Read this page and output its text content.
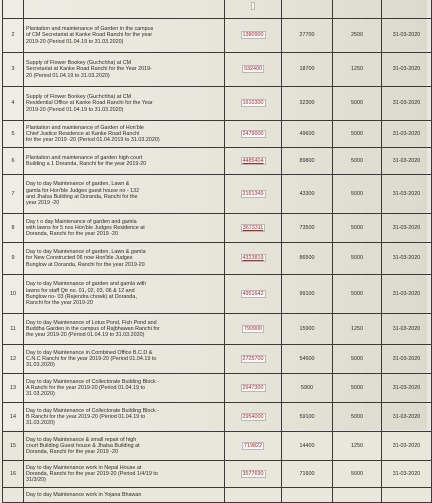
2	Plantation and maintenance of Garden in the campus
of CM Secretariat at Kanke Road Ranchi for the year
2019-20 (Period 01.04.19 to 31.03.2020)	1380900	27700	2500	31-03-2020
3	Supply of Flower Bookey (Guchchha) at CM
Secretariat at Kanke Road Ranchi for the Year 2019-
20 (Period 01.04.19 to 31.03.2020)	932400	18700	1250	31-03-2020
4	Supply of Flower Bookey (Guchchha) at CM
Residential Office at Kanke Road Ranchi for the Year
2019-20 (Period 01.04.19 to 31.03.2020)	1610300	32300	5000	31-03-2020
5	Plantation and maintenance of Garden of Hon'ble
Chief Justice Residence at Kanke Road Ranchi
for the year 2019 -20 (Period 01.04.2019 to 31.03.2020)	2479000	49600	5000	31-03-2020
6	Plantation and maintenance of garden high court
Building a 1 Doranda, Ranchi for the year 2019-20	4485404	89800	5000	31-03-2020
7	Day to day Maintenance of garden, Lawn &
gamla for Hon'ble Judges guest house no - 132
and Jhalsa Building at Doranda, Ranchi for the
year 2019 -20	2161349	43300	5000	31-03-2020
8	Day t o day Maintenance of garden and gamla
with lawns for 5 nos Hon'ble Judges Residence at
Doranda, Ranchi for the year 2019 -20	3673311	73500	5000	31-03-2020
9	Day to day Maintenance of garden, Lawn & gamla
for New Constructed 06 now Hon'ble Judges
Bunglow at Doranda, Ranchi for the year 2019-20	4323819	86500	5000	31-03-2020
10	Day to day Maintenance of garden and gamla with
lawns for staff Qtr no. 01, 02, 03, 06 & 12 and
Bunglow no- 03 (Rajendra chowk) at Doranda,
Ranchi for the year 2019-20	4951642	99100	5000	31-03-2020
11	Day to day Maintenance of Lotus Pond, Fish Pond and
Buddha Garden in the campus of Rajbhawan Ranchi for
the year 2019-20 (Period 01.04.19 to 31.03.2020)	790900	15900	1250	31-03-2020
12	Day to day Maintenance in Combined Office B.C.D &
C.N.C Ranchi for the year 2019-20 (Period 01.04.19 to
31.03.2020)	2725700	54600	5000	31-03-2020
13	Day to day Maintenance of Collectorate Building Block -
A Ranchi for the year 2019-20 (Period 01.04.19 to
31.03.2020)	2947300	5900	5000	31-03-2020
14	Day to day Maintenance of Collectorate Building Block -
B Ranchi for the year 2019-20 (Period 01.04.19 to
31.03.2020)	2954000	59100	5000	31-03-2020
15	Day to day Maintenance & small repair of high
court Building Guest house & Jhalsa Building at
Doranda, Ranchi for the year 2019 -20	719822	14400	1250	31-03-2020
16	Day to day Maintenance work in Nepal House at
Doranda, Ranchi for the year 2019-20 (Period 1/4/19 to
31/3/20)	3577690	71600	5000	31-03-2020
	Day to day Maintenance work in Yojana Bhawan				
